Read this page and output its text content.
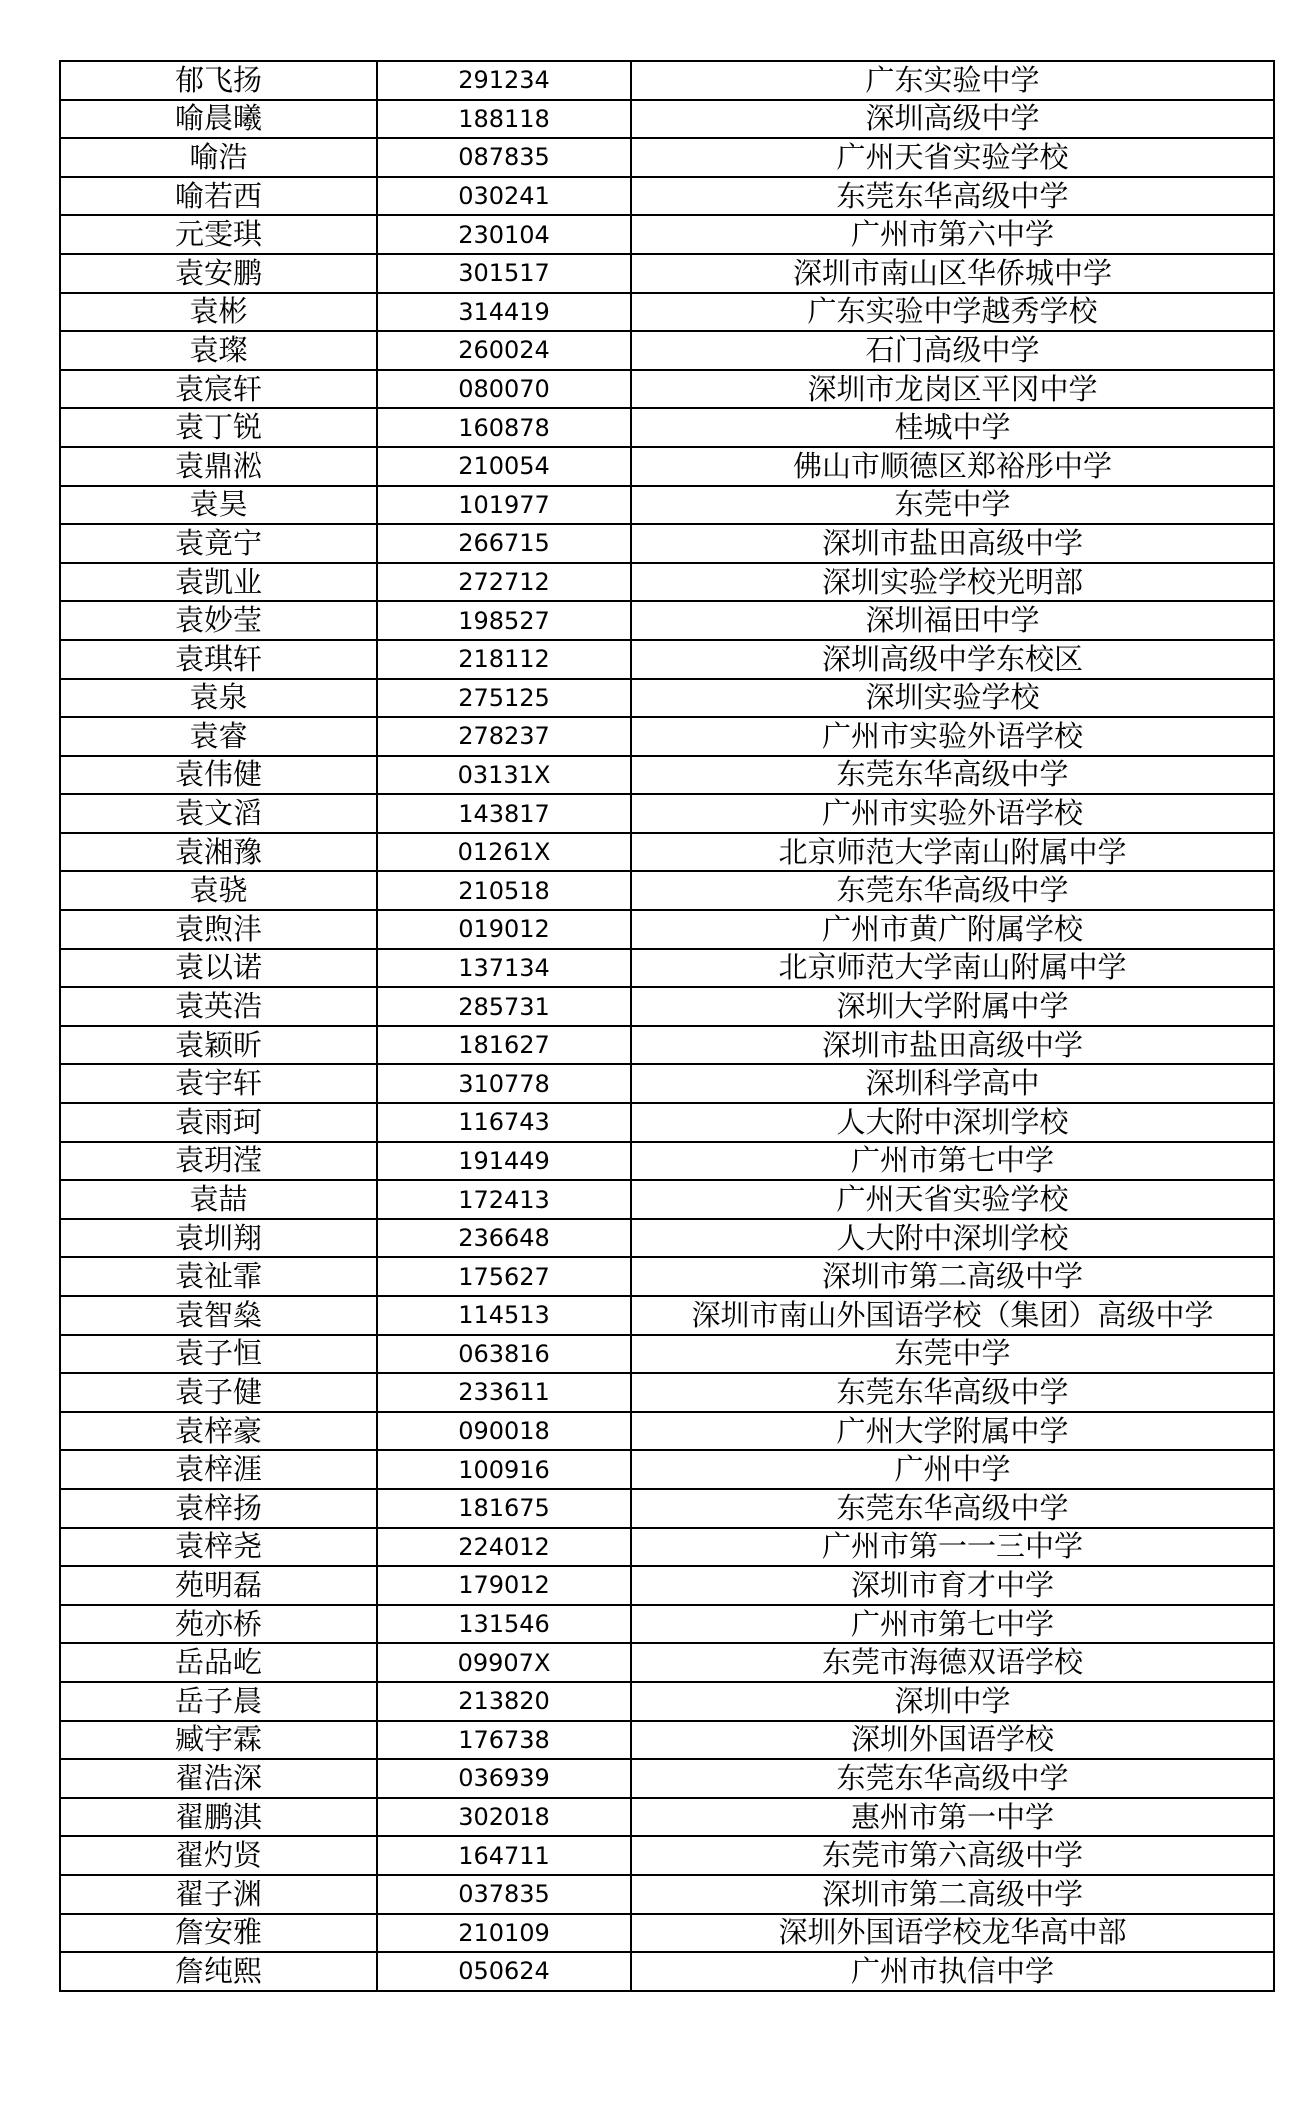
郁飞扬	291234	广东实验中学
喻晨曦	188118	深圳高级中学
喻浩	087835	广州天省实验学校
喻若西	030241	东莞东华高级中学
元雯琪	230104	广州市第六中学
袁安鹏	301517	深圳市南山区华侨城中学
袁彬	314419	广东实验中学越秀学校
袁璨	260024	石门高级中学
袁宸轩	080070	深圳市龙岗区平冈中学
袁丁锐	160878	桂城中学
袁鼎淞	210054	佛山市顺德区郑裕彤中学
袁昊	101977	东莞中学
袁竟宁	266715	深圳市盐田高级中学
袁凯业	272712	深圳实验学校光明部
袁妙莹	198527	深圳福田中学
袁琪轩	218112	深圳高级中学东校区
袁泉	275125	深圳实验学校
袁睿	278237	广州市实验外语学校
袁伟健	03131X	东莞东华高级中学
袁文滔	143817	广州市实验外语学校
袁湘豫	01261X	北京师范大学南山附属中学
袁骁	210518	东莞东华高级中学
袁煦沣	019012	广州市黄广附属学校
袁以诺	137134	北京师范大学南山附属中学
袁英浩	285731	深圳大学附属中学
袁颖昕	181627	深圳市盐田高级中学
袁宇轩	310778	深圳科学高中
袁雨珂	116743	人大附中深圳学校
袁玥滢	191449	广州市第七中学
袁喆	172413	广州天省实验学校
袁圳翔	236648	人大附中深圳学校
袁祉霏	175627	深圳市第二高级中学
袁智燊	114513	深圳市南山外国语学校（集团）高级中学
袁子恒	063816	东莞中学
袁子健	233611	东莞东华高级中学
袁梓豪	090018	广州大学附属中学
袁梓涯	100916	广州中学
袁梓扬	181675	东莞东华高级中学
袁梓尧	224012	广州市第一一三中学
苑明磊	179012	深圳市育才中学
苑亦桥	131546	广州市第七中学
岳品屹	09907X	东莞市海德双语学校
岳子晨	213820	深圳中学
臧宇霖	176738	深圳外国语学校
翟浩深	036939	东莞东华高级中学
翟鹏淇	302018	惠州市第一中学
翟灼贤	164711	东莞市第六高级中学
翟子渊	037835	深圳市第二高级中学
詹安雅	210109	深圳外国语学校龙华高中部
詹纯熙	050624	广州市执信中学
